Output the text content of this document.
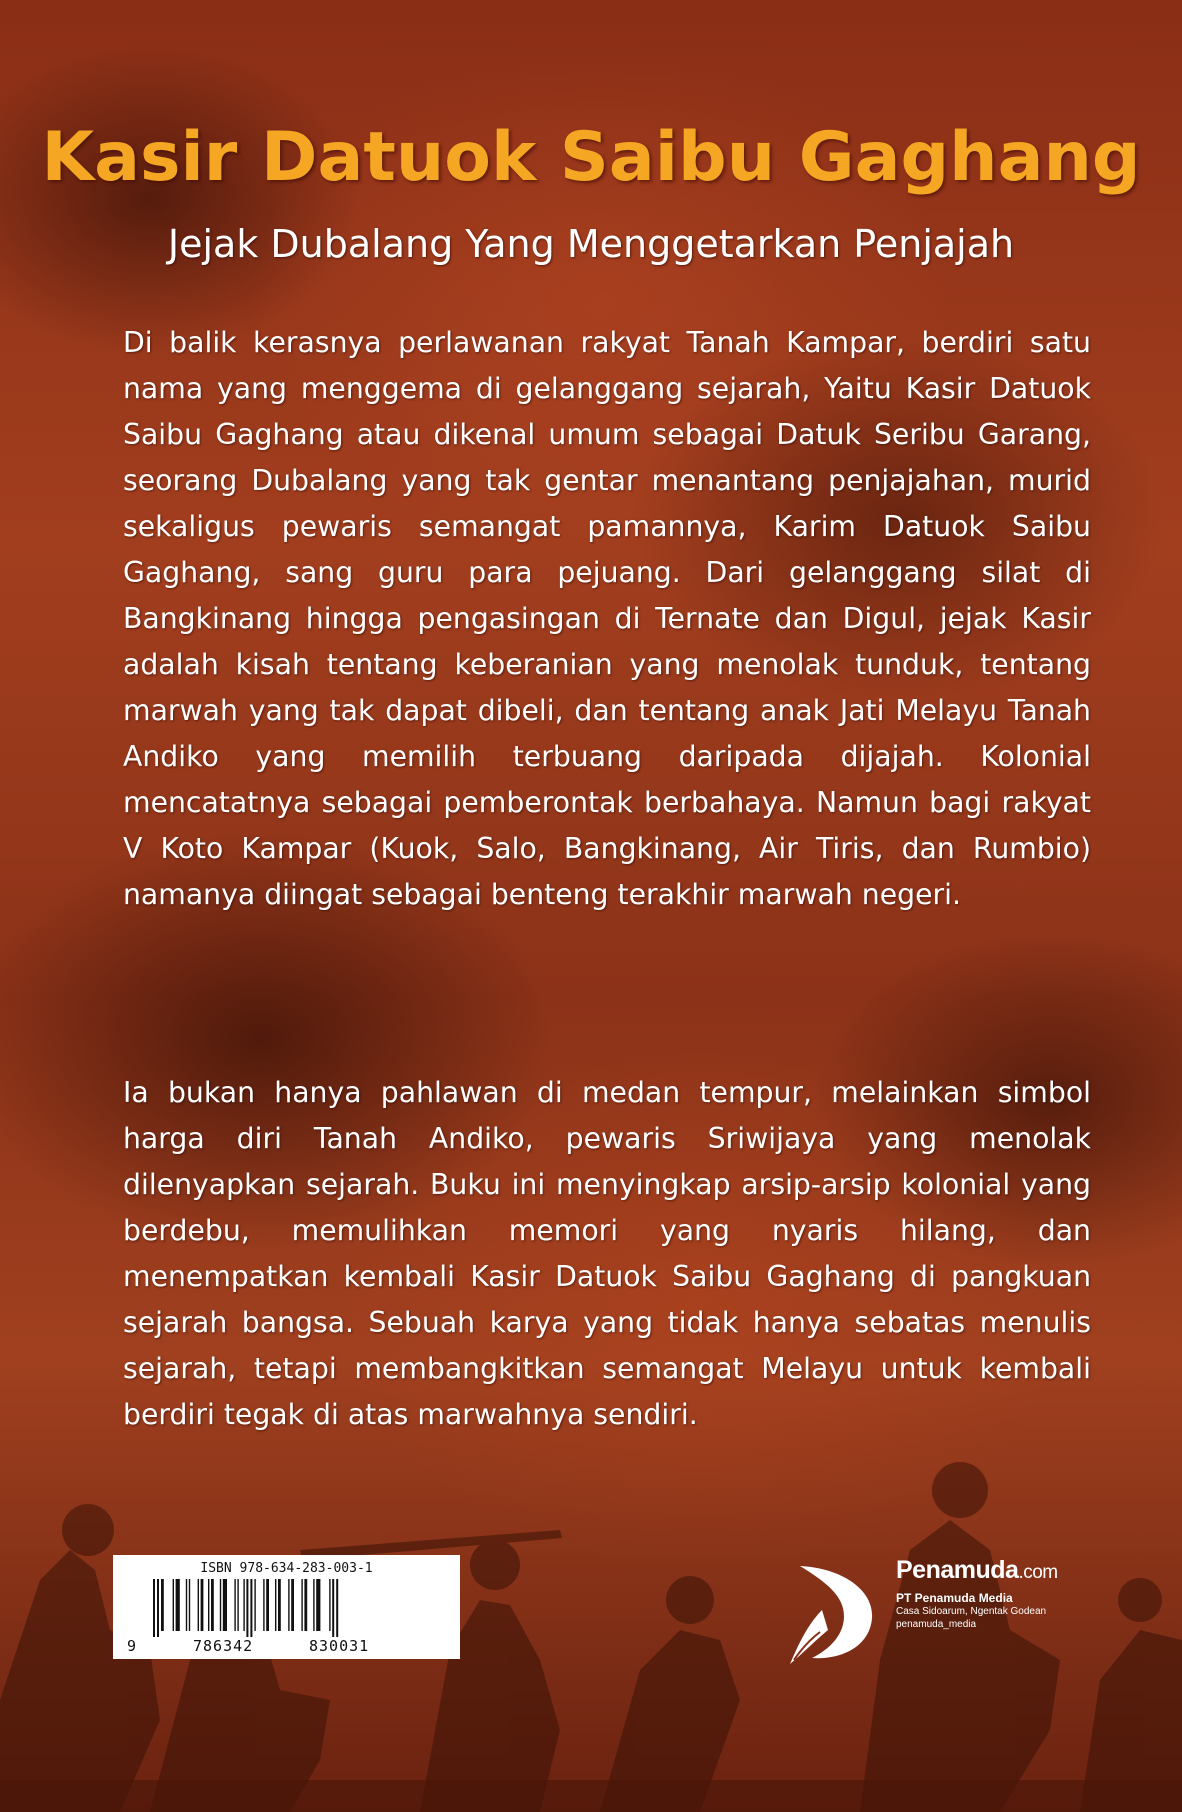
Kasir Datuok Saibu Gaghang
Jejak Dubalang Yang Menggetarkan Penjajah
Di balik kerasnya perlawanan rakyat Tanah Kampar, berdiri satu nama yang menggema di gelanggang sejarah, Yaitu Kasir Datuok Saibu Gaghang atau dikenal umum sebagai Datuk Seribu Garang, seorang Dubalang yang tak gentar menantang penjajahan, murid sekaligus pewaris semangat pamannya, Karim Datuok Saibu Gaghang, sang guru para pejuang. Dari gelanggang silat di Bangkinang hingga pengasingan di Ternate dan Digul, jejak Kasir adalah kisah tentang keberanian yang menolak tunduk, tentang marwah yang tak dapat dibeli, dan tentang anak Jati Melayu Tanah Andiko yang memilih terbuang daripada dijajah. Kolonial mencatatnya sebagai pemberontak berbahaya. Namun bagi rakyat V Koto Kampar (Kuok, Salo, Bangkinang, Air Tiris, dan Rumbio) namanya diingat sebagai benteng terakhir marwah negeri.
Ia bukan hanya pahlawan di medan tempur, melainkan simbol harga diri Tanah Andiko, pewaris Sriwijaya yang menolak dilenyapkan sejarah. Buku ini menyingkap arsip-arsip kolonial yang berdebu, memulihkan memori yang nyaris hilang, dan menempatkan kembali Kasir Datuok Saibu Gaghang di pangkuan sejarah bangsa. Sebuah karya yang tidak hanya sebatas menulis sejarah, tetapi membangkitkan semangat Melayu untuk kembali berdiri tegak di atas marwahnya sendiri.
ISBN 978-634-283-003-1
9	786342	830031
Penamuda.com
PT Penamuda Media
Casa Sidoarum, Ngentak Godean
penamuda_media
